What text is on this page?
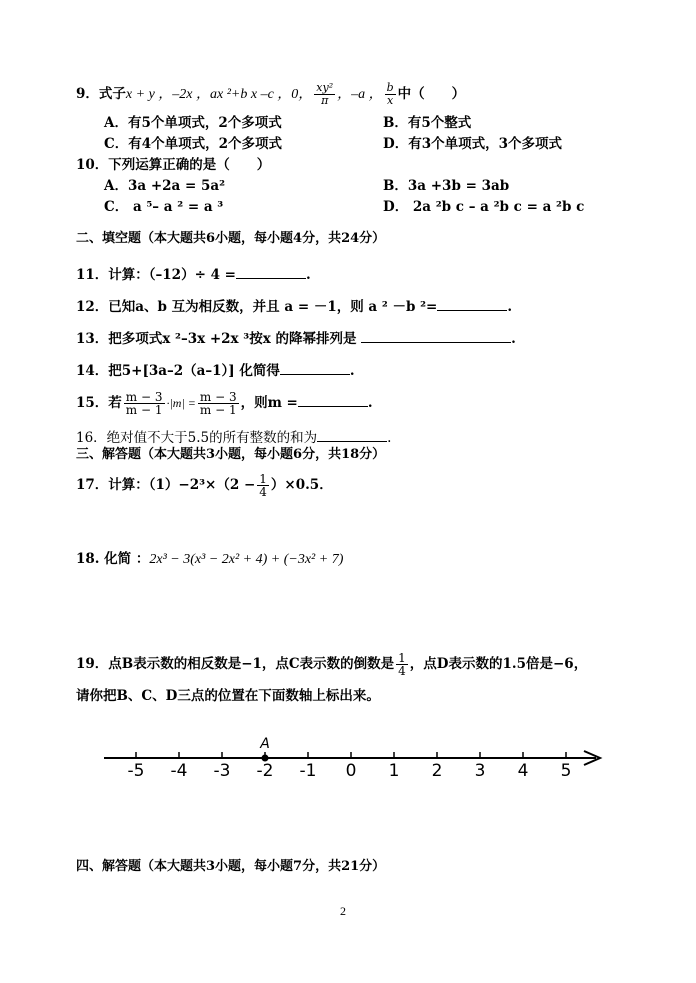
9．式子x + y ，–2x ，ax ²+b x –c ，0， $\frac{\text{xy²}}{\pi}$ ，–a ， $\frac{b}{x}$ 中（　　）
A．有5个单项式，2个多项式	B．有5个整式
C．有4个单项式，2个多项式	D．有3个单项式，3个多项式
10．下列运算正确的是（　　）
A．3a +2a = 5a²	B．3a +3b = 3ab
C． a ⁵– a ² = a ³	D． 2a ²b c – a ²b c = a ²b c
二、填空题（本大题共6小题，每小题4分，共24分）
11．计算：（–12）÷ 4 =	.
12．已知a、b 互为相反数，并且 a = －1，则 a ² －b ²=	.
13．把多项式x ²–3x +2x ³按x 的降幂排列是	.
14．把5+[3a–2（a–1）] 化简得	.
15．若 $\frac{m - 3}{m - 1} \cdot|m| = \frac{m - 3}{m - 1}$ ，则m =	.
16．绝对值不大于5.5的所有整数的和为	.
三、解答题（本大题共3小题，每小题6分，共18分）
17．计算：$(1)-2^3\times(2 - \frac{1}{4} )\times 0.5$．
18. 化简 ：2x³ − 3(x³ − 2x² + 4) + (−3x² + 7)
19．点B表示数的相反数是−1，点C表示数的倒数是 $\frac{1}{4}$ ，点D表示数的1.5倍是−6，
请你把B、C、D三点的位置在下面数轴上标出来。
-5 -4 -3 -2 -1 0 1 2 3 4 5
A
四、解答题（本大题共3小题，每小题7分，共21分）
2
